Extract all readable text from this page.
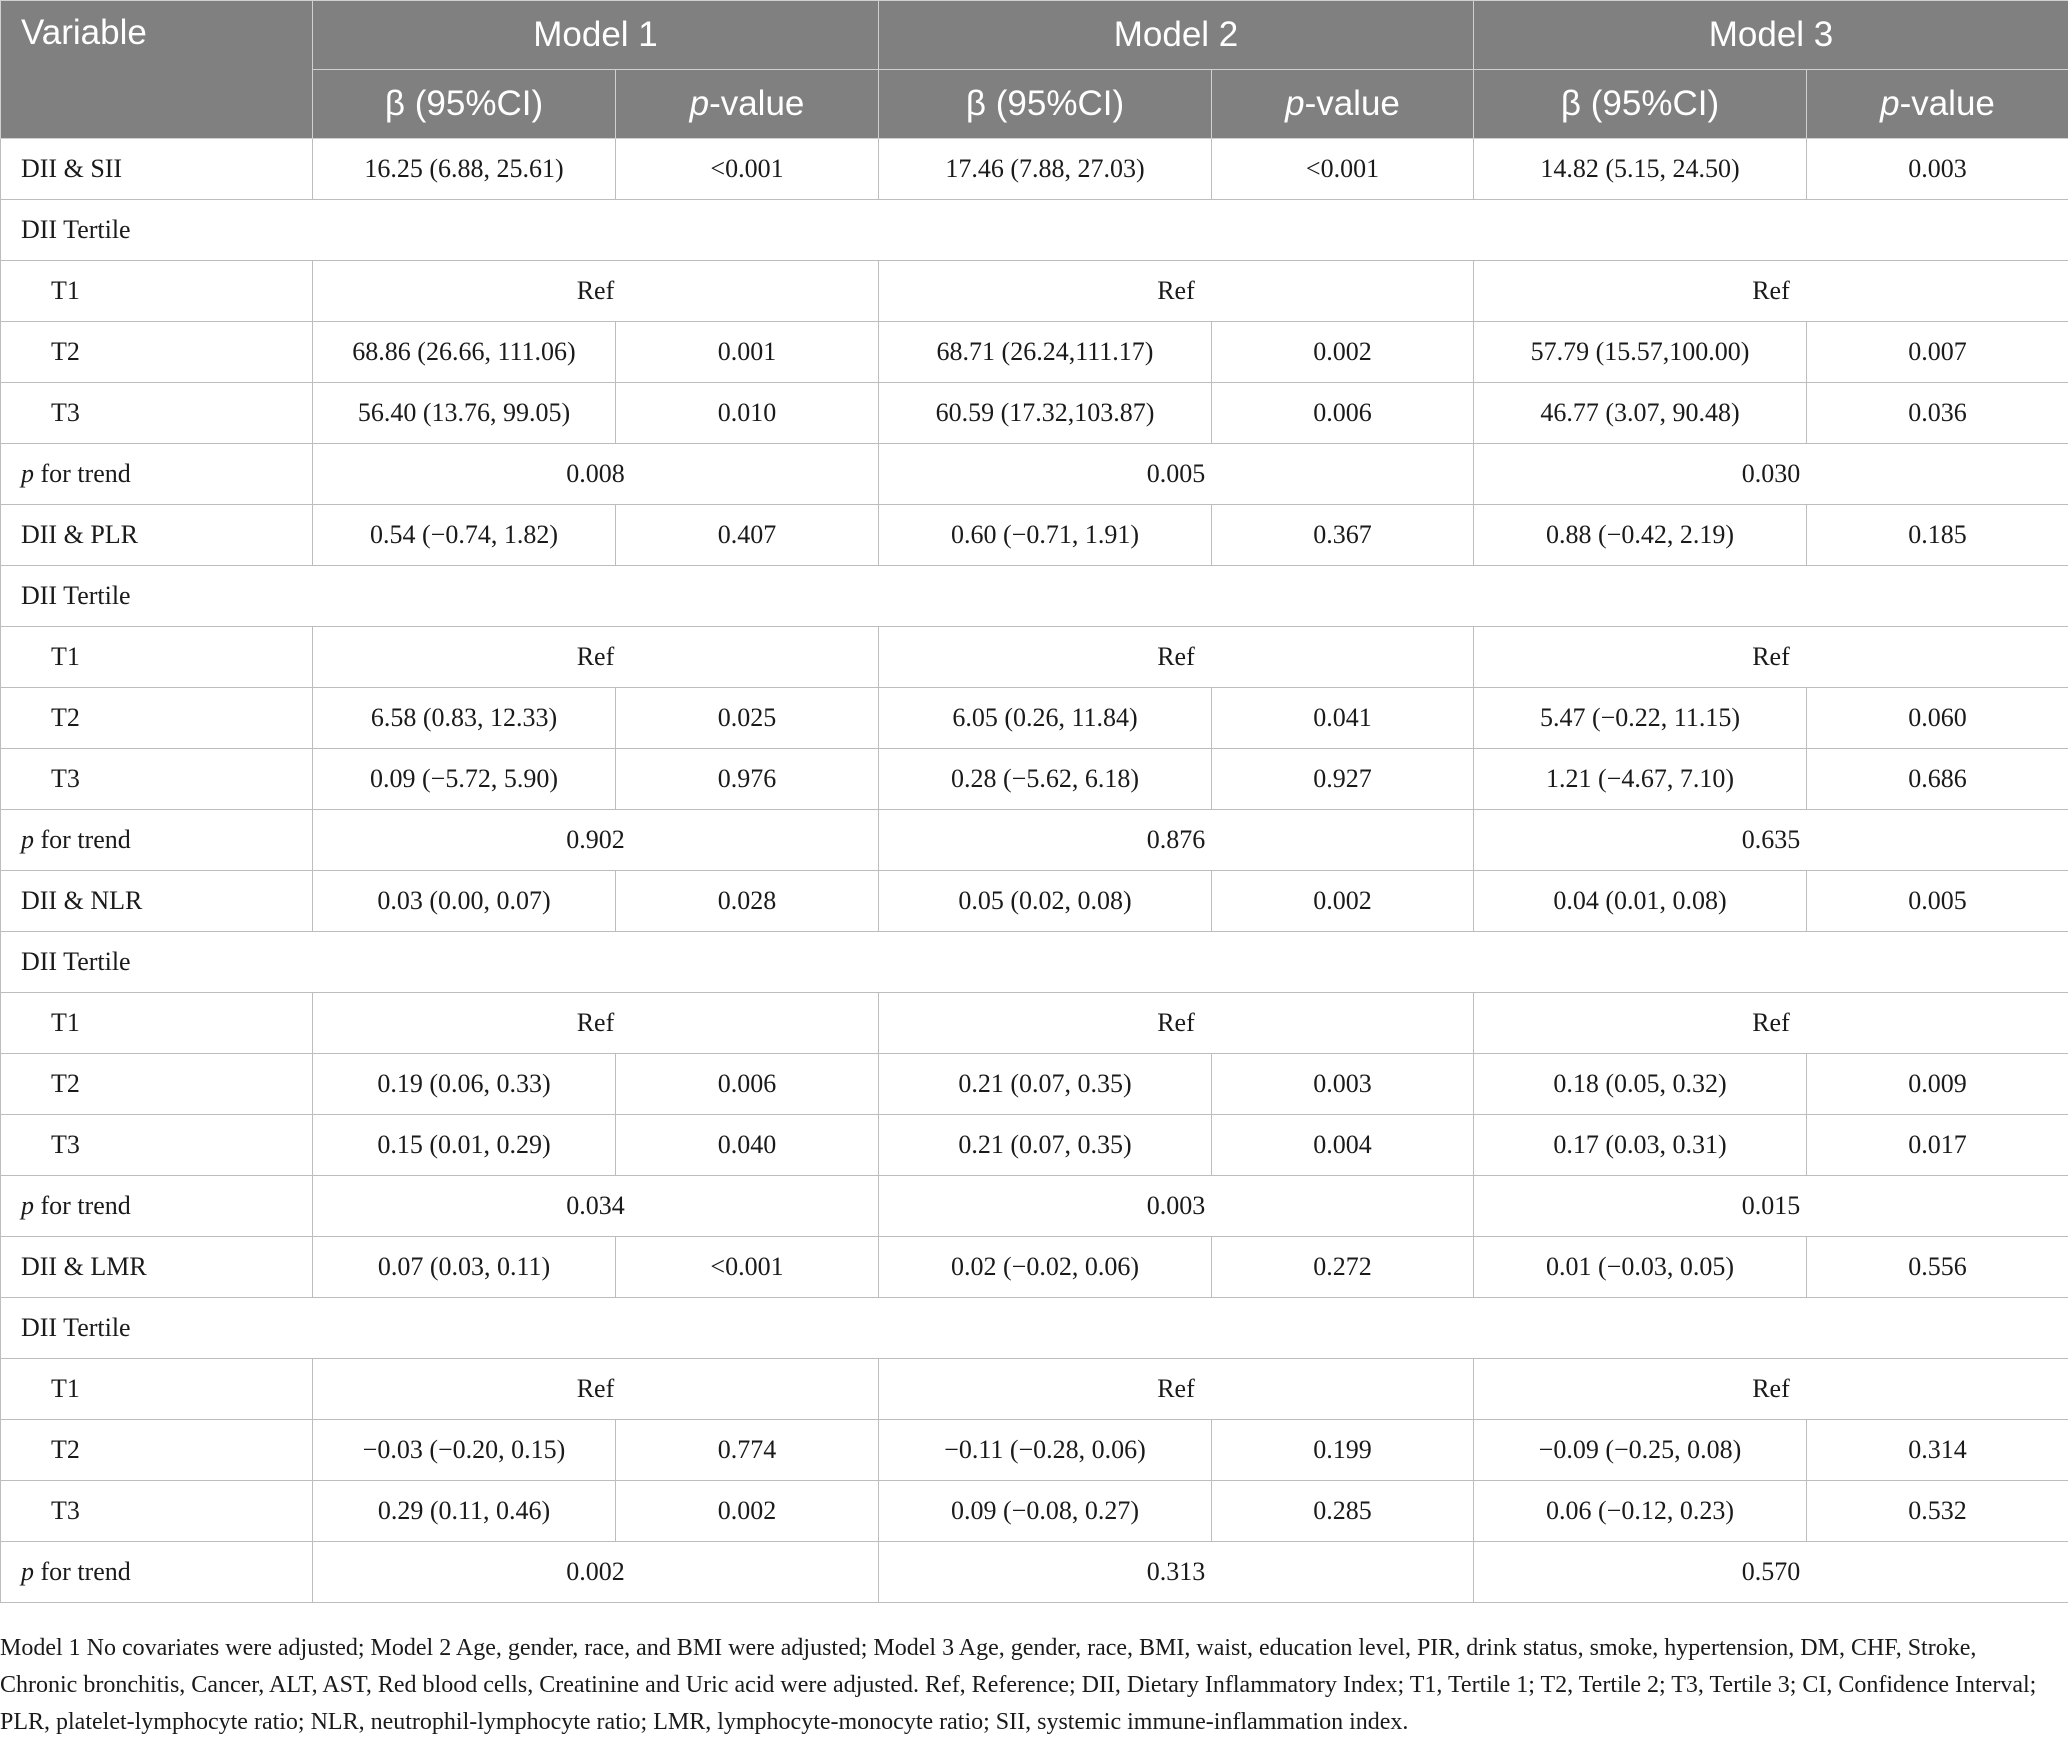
Variable	Model 1		Model 2		Model 3	
	β (95%CI)	p-value	β (95%CI)	p-value	β (95%CI)	p-value
DII & SII	16.25 (6.88, 25.61)	<0.001	17.46 (7.88, 27.03)	<0.001	14.82 (5.15, 24.50)	0.003
DII Tertile						
T1	Ref		Ref		Ref	
T2	68.86 (26.66, 111.06)	0.001	68.71 (26.24,111.17)	0.002	57.79 (15.57,100.00)	0.007
T3	56.40 (13.76, 99.05)	0.010	60.59 (17.32,103.87)	0.006	46.77 (3.07, 90.48)	0.036
p for trend	0.008		0.005		0.030	
DII & PLR	0.54 (−0.74, 1.82)	0.407	0.60 (−0.71, 1.91)	0.367	0.88 (−0.42, 2.19)	0.185
DII Tertile						
T1	Ref		Ref		Ref	
T2	6.58 (0.83, 12.33)	0.025	6.05 (0.26, 11.84)	0.041	5.47 (−0.22, 11.15)	0.060
T3	0.09 (−5.72, 5.90)	0.976	0.28 (−5.62, 6.18)	0.927	1.21 (−4.67, 7.10)	0.686
p for trend	0.902		0.876		0.635	
DII & NLR	0.03 (0.00, 0.07)	0.028	0.05 (0.02, 0.08)	0.002	0.04 (0.01, 0.08)	0.005
DII Tertile						
T1	Ref		Ref		Ref	
T2	0.19 (0.06, 0.33)	0.006	0.21 (0.07, 0.35)	0.003	0.18 (0.05, 0.32)	0.009
T3	0.15 (0.01, 0.29)	0.040	0.21 (0.07, 0.35)	0.004	0.17 (0.03, 0.31)	0.017
p for trend	0.034		0.003		0.015	
DII & LMR	0.07 (0.03, 0.11)	<0.001	0.02 (−0.02, 0.06)	0.272	0.01 (−0.03, 0.05)	0.556
DII Tertile						
T1	Ref		Ref		Ref	
T2	−0.03 (−0.20, 0.15)	0.774	−0.11 (−0.28, 0.06)	0.199	−0.09 (−0.25, 0.08)	0.314
T3	0.29 (0.11, 0.46)	0.002	0.09 (−0.08, 0.27)	0.285	0.06 (−0.12, 0.23)	0.532
p for trend	0.002		0.313		0.570	

Model 1 No covariates were adjusted; Model 2 Age, gender, race, and BMI were adjusted; Model 3 Age, gender, race, BMI, waist, education level, PIR, drink status, smoke, hypertension, DM, CHF, Stroke, Chronic bronchitis, Cancer, ALT, AST, Red blood cells, Creatinine and Uric acid were adjusted. Ref, Reference; DII, Dietary Inflammatory Index; T1, Tertile 1; T2, Tertile 2; T3, Tertile 3; CI, Confidence Interval; PLR, platelet-lymphocyte ratio; NLR, neutrophil-lymphocyte ratio; LMR, lymphocyte-monocyte ratio; SII, systemic immune-inflammation index.
